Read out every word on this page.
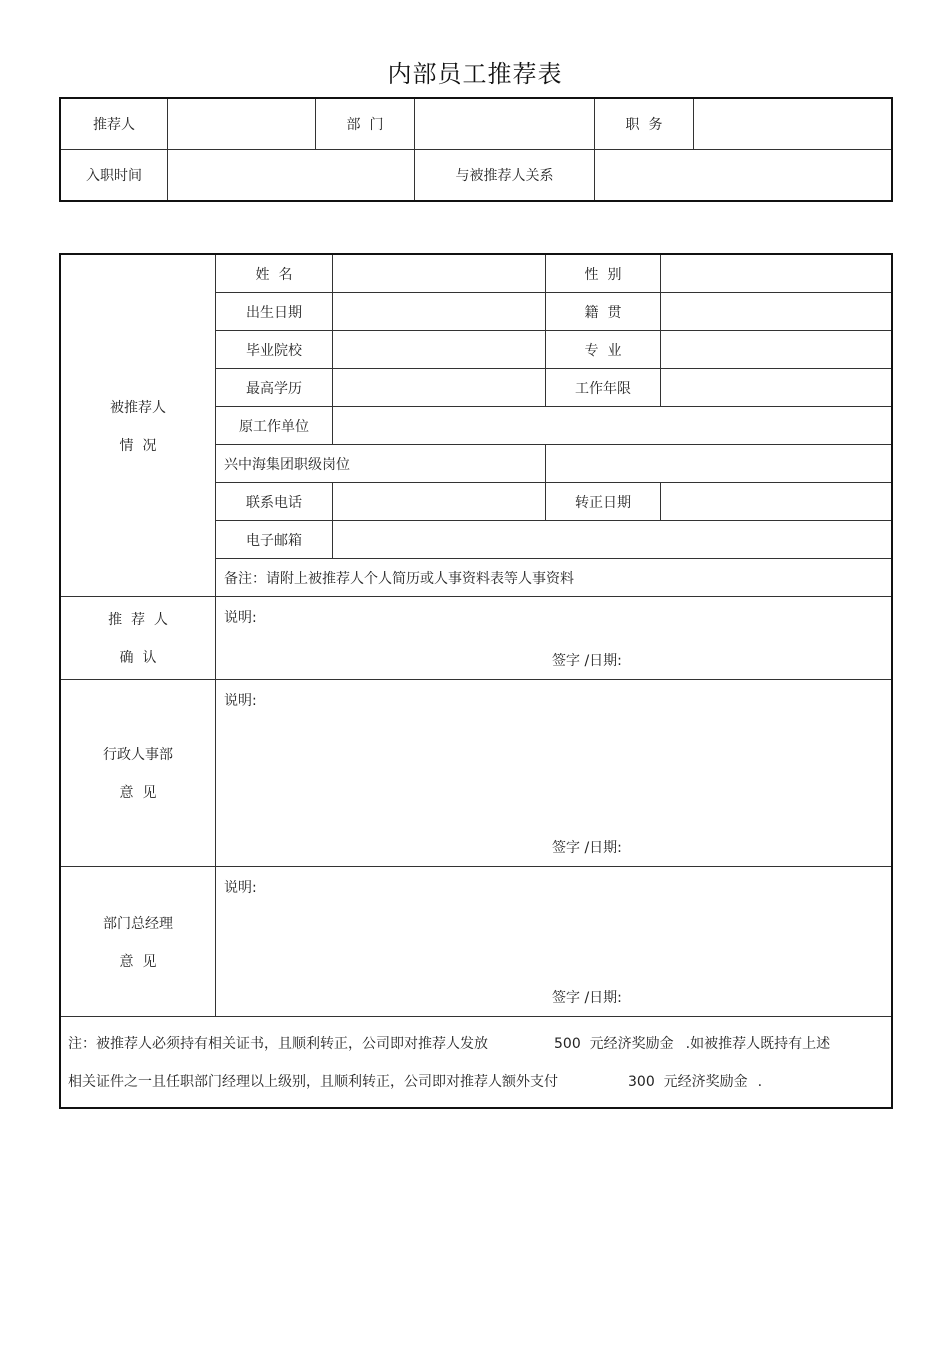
内部员工推荐表
推荐人		部  门		职  务	
入职时间			与被推荐人关系		
被推荐人
情  况	姓  名		性  别	
	出生日期		籍  贯	
	毕业院校		专  业	
	最高学历		工作年限	
	原工作单位			
	兴中海集团职级岗位			
	联系电话		转正日期	
	电子邮箱			
	备注：请附上被推荐人个人简历或人事资料表等人事资料			

推  荐  人
确  认	说明:
签字 /日期:			

行政人事部
意  见	说明:
签字 /日期:			

部门总经理
意  见	说明:
签字 /日期:			

注：被推荐人必须持有相关证书，且顺利转正，公司即对推荐人发放 500 元经济奖励金 .如被推荐人既持有上述
相关证件之一且任职部门经理以上级别，且顺利转正，公司即对推荐人额外支付 300 元经济奖励金 .				
